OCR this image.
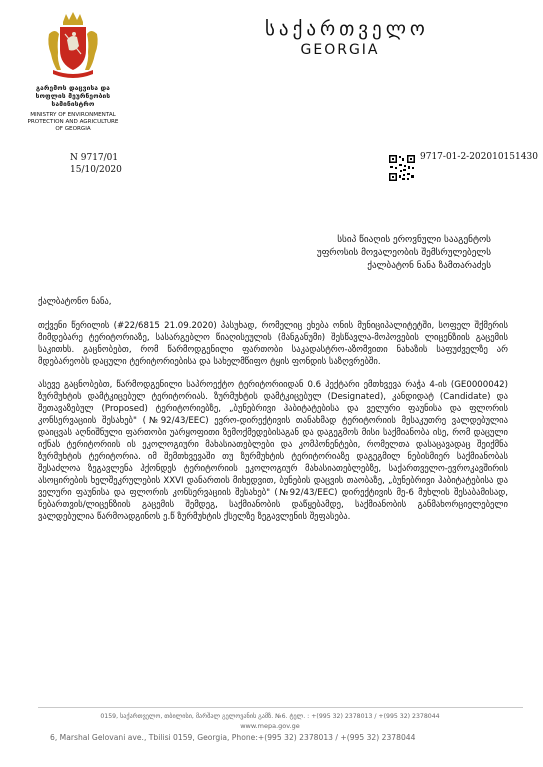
გარემოს დაცვისა და
სოფლის მეურნეობის
სამინისტრო
MINISTRY OF ENVIRONMENTAL
PROTECTION AND AGRICULTURE
OF GEORGIA
საქართველო
GEORGIA
N 9717/01
15/10/2020
9717-01-2-202010151430
სსიპ წიაღის ეროვნული სააგენტოს
უფროსის მოვალეობის შემსრულებელს
ქალბატონ ნანა ზამთარაძეს

ქალბატონო ნანა,

თქვენი წერილის (#22/6815 21.09.2020) პასუხად, რომელიც ეხება ონის მუნიციპალიტეტში, სოფელ შქმერის მიმდებარე ტერიტორიაზე, სასარგებლო წიაღისეულის (მანგანუმი) შესწავლა-მოპოვების ლიცენზიის გაცემის საკითხს. გაცნობებთ, რომ წარმოდგენილი ფართობი საკადასტრო-აზომვითი ნახაზის საფუძველზე არ მდებარეობს დაცული ტერიტორიებისა და სახელმწიფო ტყის ფონდის საზღვრებში.

ასევე გაცნობებთ, წარმოდგენილი საპროექტო ტერიტორიიდან 0.6 ჰექტარი ემთხვევა რაჭა 4-ის (GE0000042) ზურმუხტის დამტკიცებულ ტერიტორიას. ზურმუხტის დამტკიცებულ (Designated), კანდიდატ (Candidate) და შეთავაზებულ (Proposed) ტერიტორიებზე, „ბუნებრივი ჰაბიტატებისა და ველური ფაუნისა და ფლორის კონსერვაციის შესახებ" (№92/43/EEC) ევრო-დირექტივის თანახმად ტერიტორიის მესაკუთრე ვალდებულია დაიცვას აღნიშნული ფართობი უარყოფითი ზემოქმედებისაგან და დაგეგმოს მისი საქმიანობა ისე, რომ დაცული იქნას ტერიტორიის ის ეკოლოგიური მახასიათებლები და კომპონენტები, რომელთა დასაცავადაც შეიქმნა ზურმუხტის ტერიტორია. იმ შემთხვევაში თუ ზურმუხტის ტერიტორიაზე დაგეგმილ ნებისმიერ საქმიანობას შესაძლოა ზეგავლენა ჰქონდეს ტერიტორიის ეკოლოგიურ მახასიათებლებზე, საქართველო-ევროკავშირის ასოცირების ხელშეკრულების XXVI დანართის მიხედვით, ბუნების დაცვის თაობაზე, „ბუნებრივი ჰაბიტატებისა და ველური ფაუნისა და ფლორის კონსერვაციის შესახებ" (№92/43/EEC) დირექტივის მე-6 მუხლის შესაბამისად, ნებართვის/ლიცენზიის გაცემის შემდეგ, საქმიანობის დაწყებამდე, საქმიანობის განმახორციელებელი ვალდებულია წარმოადგინოს ე.წ ზურმუხტის ქსელზე ზეგავლენის შეფასება.

0159, საქართველო, თბილისი, მარშალ გელოვანის გამზ. №6. ტელ. : +(995 32) 2378013 / +(995 32) 2378044
www.mepa.gov.ge
6, Marshal Gelovani ave., Tbilisi 0159, Georgia, Phone:+(995 32) 2378013 / +(995 32) 2378044
